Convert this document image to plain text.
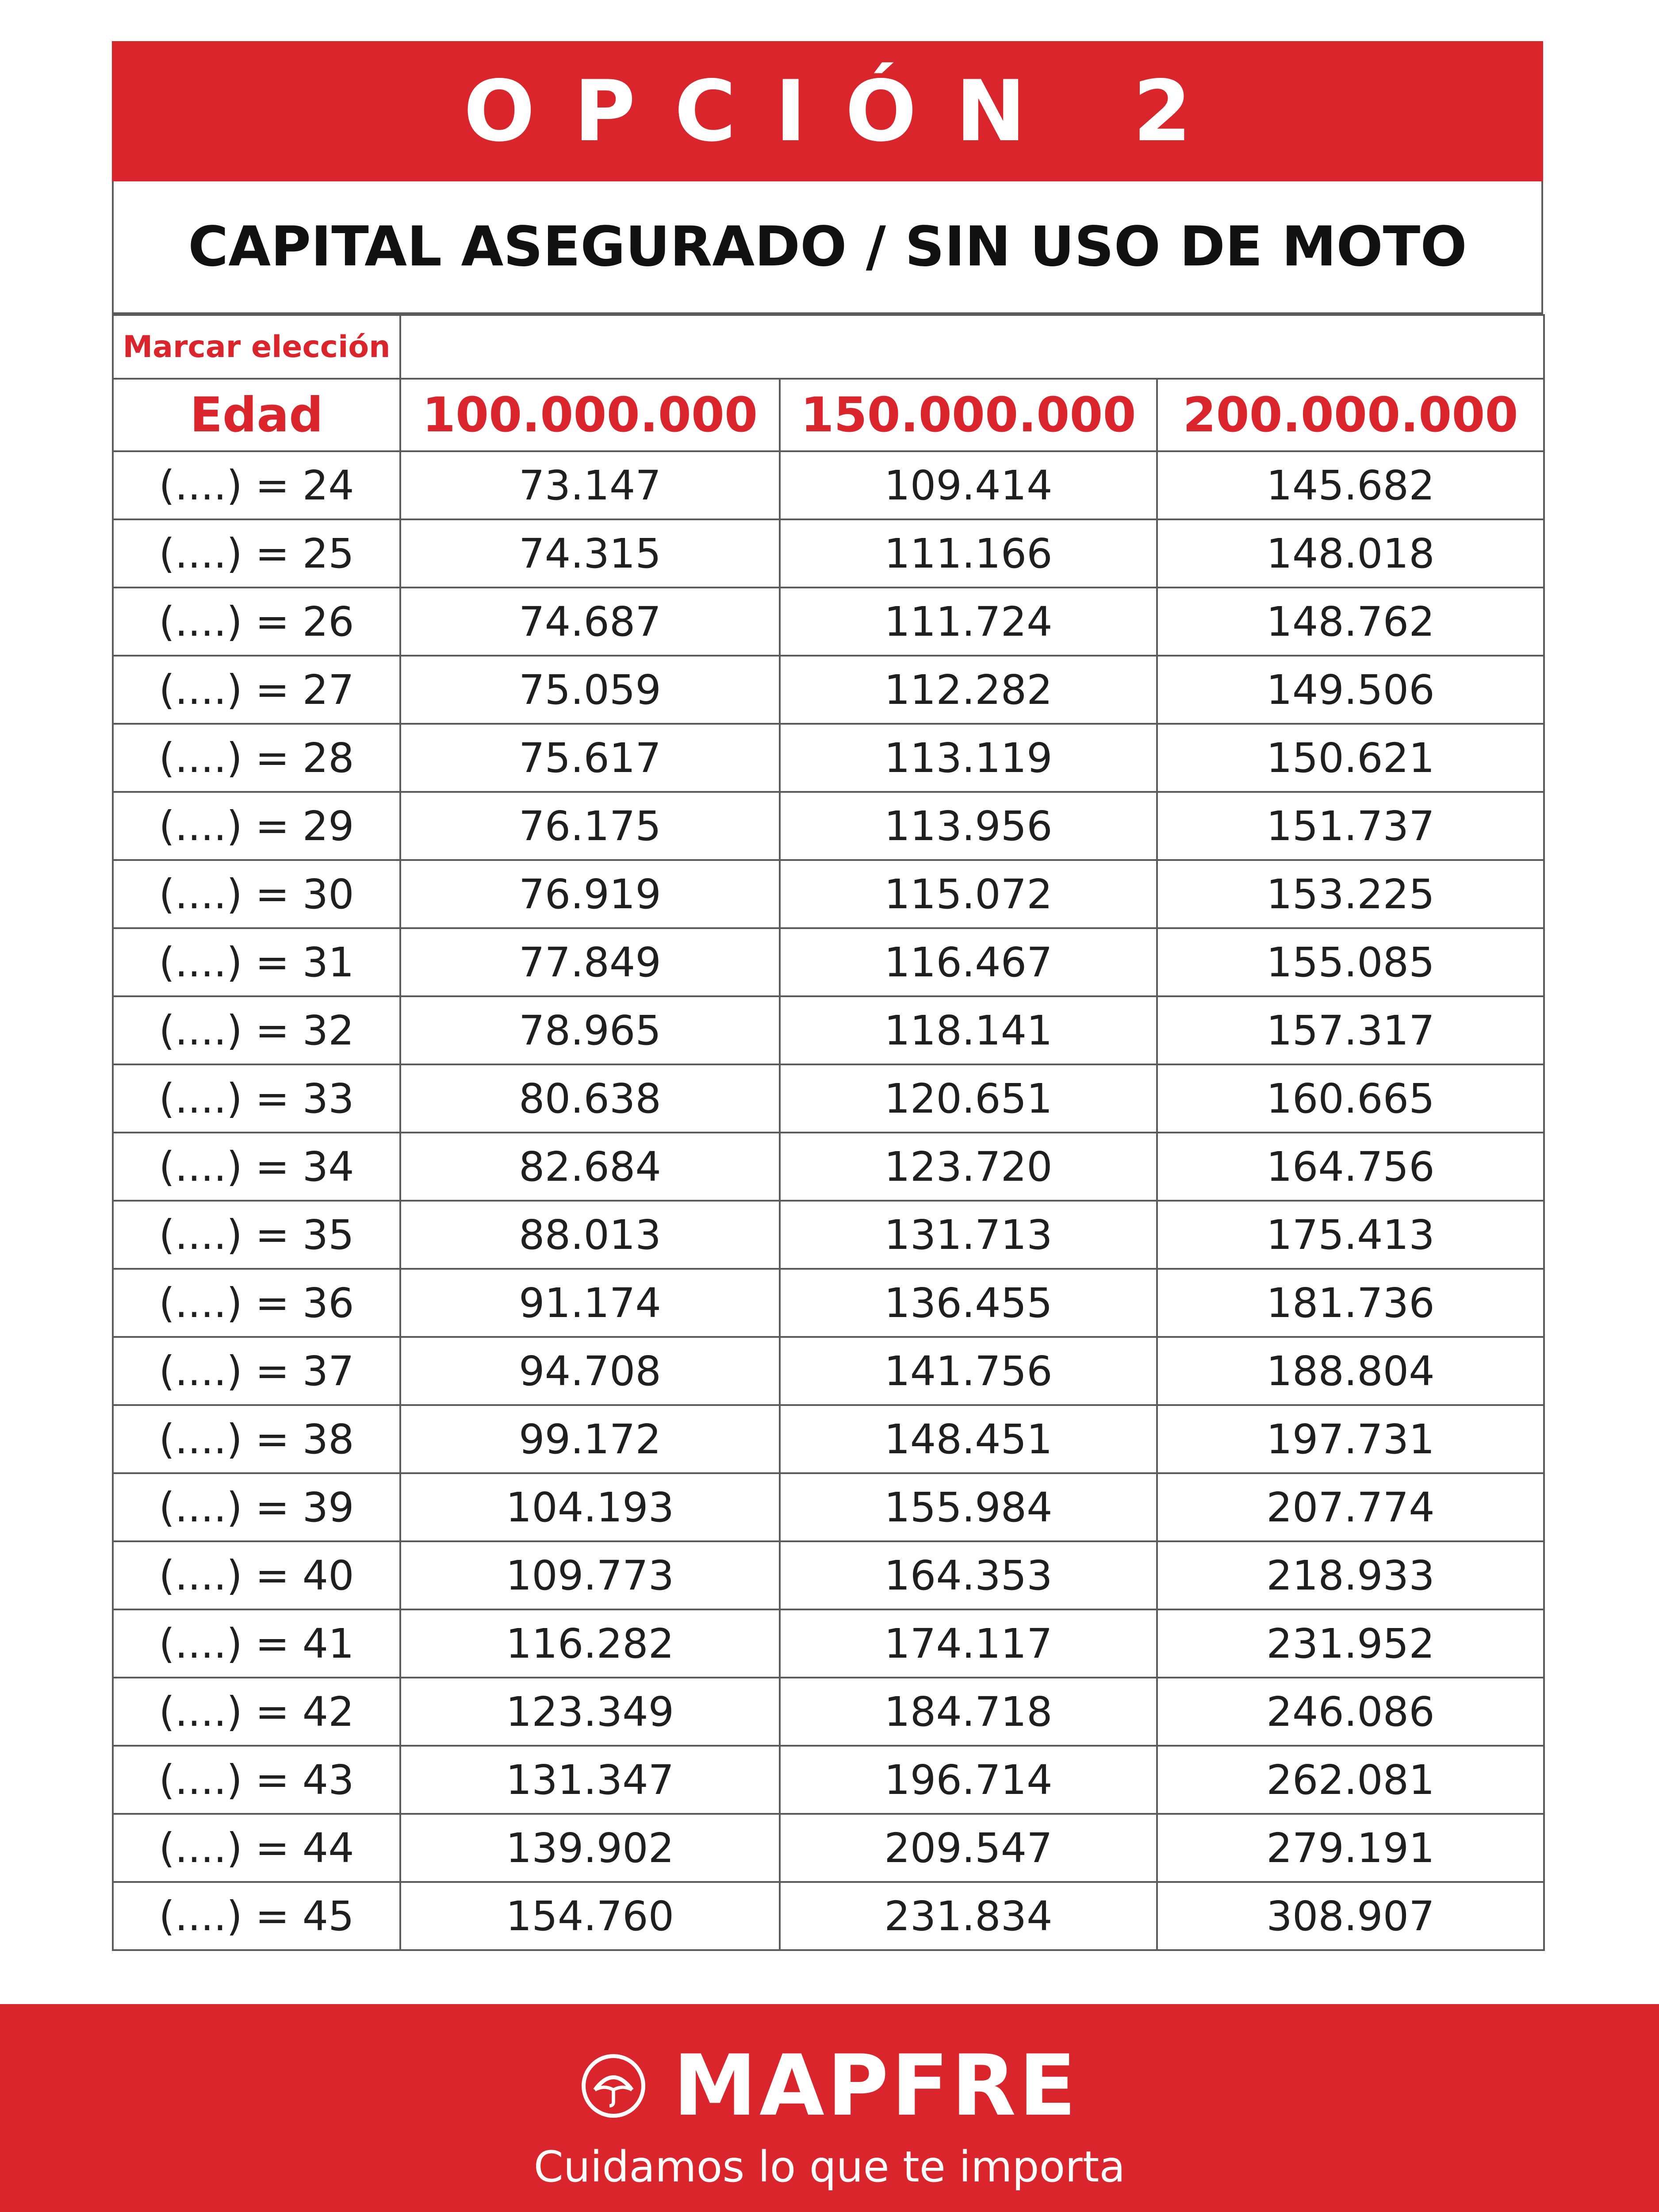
OPCIÓN 2
CAPITAL ASEGURADO / SIN USO DE MOTO
Marcar elección			
Edad	100.000.000	150.000.000	200.000.000
(....) = 24	73.147	109.414	145.682
(....) = 25	74.315	111.166	148.018
(....) = 26	74.687	111.724	148.762
(....) = 27	75.059	112.282	149.506
(....) = 28	75.617	113.119	150.621
(....) = 29	76.175	113.956	151.737
(....) = 30	76.919	115.072	153.225
(....) = 31	77.849	116.467	155.085
(....) = 32	78.965	118.141	157.317
(....) = 33	80.638	120.651	160.665
(....) = 34	82.684	123.720	164.756
(....) = 35	88.013	131.713	175.413
(....) = 36	91.174	136.455	181.736
(....) = 37	94.708	141.756	188.804
(....) = 38	99.172	148.451	197.731
(....) = 39	104.193	155.984	207.774
(....) = 40	109.773	164.353	218.933
(....) = 41	116.282	174.117	231.952
(....) = 42	123.349	184.718	246.086
(....) = 43	131.347	196.714	262.081
(....) = 44	139.902	209.547	279.191
(....) = 45	154.760	231.834	308.907
MAPFRE
Cuidamos lo que te importa
